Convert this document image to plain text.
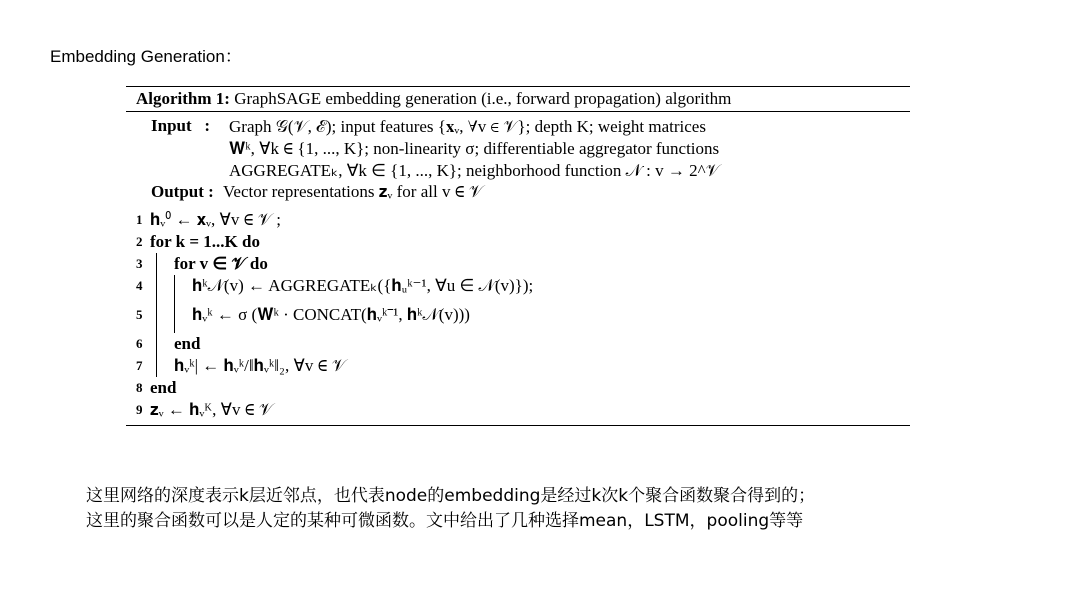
Embedding Generation：
Algorithm 1: GraphSAGE embedding generation (i.e., forward propagation) algorithm
Input   :	Graph 𝒢(𝒱, ℰ); input features {𝐱ᵥ, ∀v ∈ 𝒱}; depth K; weight matrices
𝐖ᵏ, ∀k ∈ {1, ..., K}; non-linearity σ; differentiable aggregator functions
AGGREGATEₖ, ∀k ∈ {1, ..., K}; neighborhood function 𝒩 : v → 2^𝒱
Output : Vector representations 𝐳ᵥ for all v ∈ 𝒱
1 𝐡ᵥ⁰ ← 𝐱ᵥ, ∀v ∈ 𝒱 ;
2 for k = 1...K do
3	for v ∈ 𝒱 do
4	𝐡ᵏ𝒩(v) ← AGGREGATEₖ({𝐡ᵤᵏ⁻¹, ∀u ∈ 𝒩(v)});
5	𝐡ᵥᵏ ← σ (𝐖ᵏ · CONCAT(𝐡ᵥᵏ⁻¹, 𝐡ᵏ𝒩(v)))
6	end
7	𝐡ᵥᵏ| ← 𝐡ᵥᵏ/‖𝐡ᵥᵏ‖₂, ∀v ∈ 𝒱
8 end
9 𝐳ᵥ ← 𝐡ᵥᴷ, ∀v ∈ 𝒱
这里网络的深度表示k层近邻点，也代表node的embedding是经过k次k个聚合函数聚合得到的；
这里的聚合函数可以是人定的某种可微函数。文中给出了几种选择mean，LSTM，pooling等等
